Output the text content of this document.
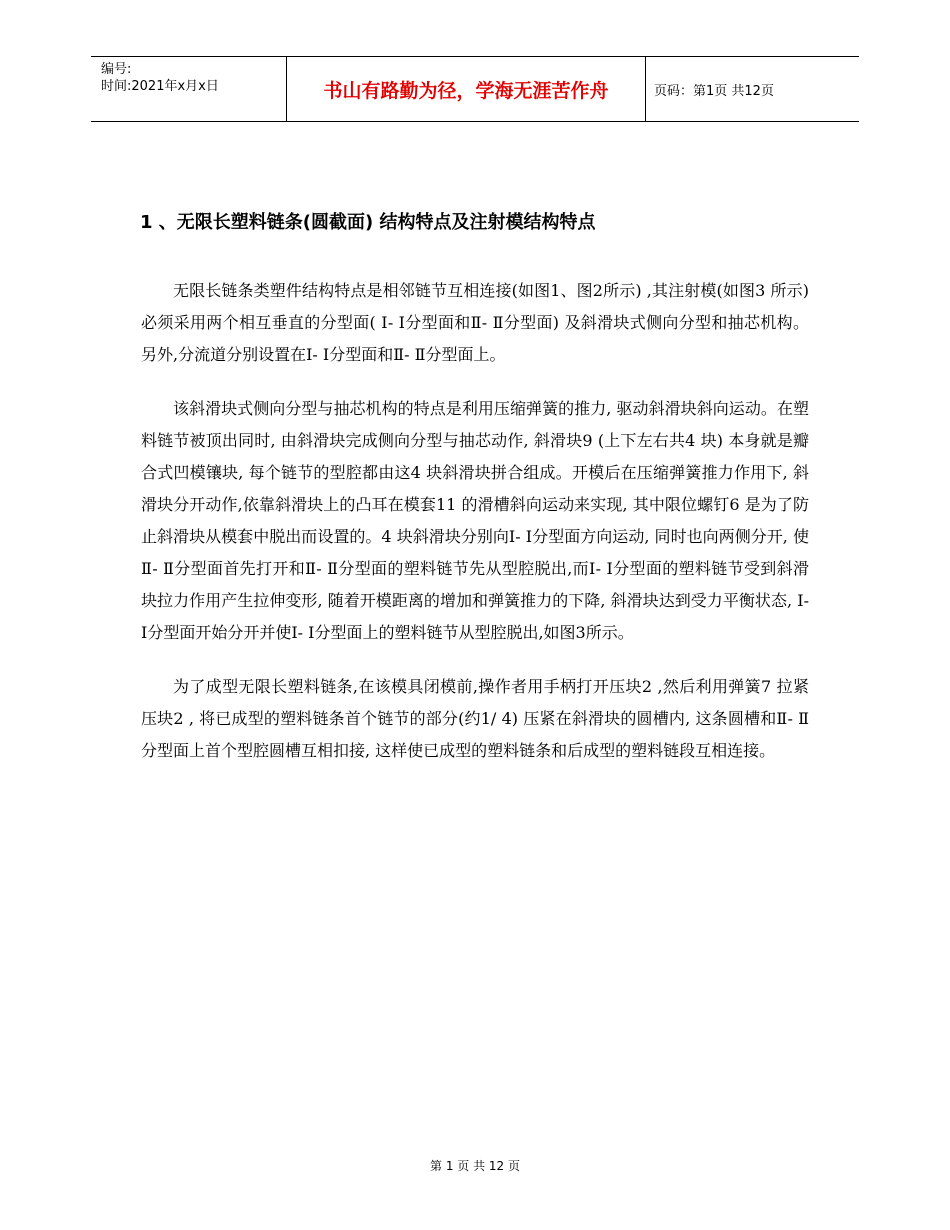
编号:
时间:2021年x月x日	书山有路勤为径，学海无涯苦作舟	页码：第1页 共12页
1 、无限长塑料链条(圆截面) 结构特点及注射模结构特点

无限长链条类塑件结构特点是相邻链节互相连接(如图1、图2所示) ,其注射模(如图3 所示) 必须采用两个相互垂直的分型面( Ⅰ- Ⅰ分型面和Ⅱ- Ⅱ分型面) 及斜滑块式侧向分型和抽芯机构。另外,分流道分别设置在Ⅰ- Ⅰ分型面和Ⅱ- Ⅱ分型面上。

该斜滑块式侧向分型与抽芯机构的特点是利用压缩弹簧的推力, 驱动斜滑块斜向运动。在塑料链节被顶出同时, 由斜滑块完成侧向分型与抽芯动作, 斜滑块9 (上下左右共4 块) 本身就是瓣合式凹模镶块, 每个链节的型腔都由这4 块斜滑块拼合组成。开模后在压缩弹簧推力作用下, 斜滑块分开动作,依靠斜滑块上的凸耳在模套11 的滑槽斜向运动来实现, 其中限位螺钉6 是为了防止斜滑块从模套中脱出而设置的。4 块斜滑块分别向Ⅰ- Ⅰ分型面方向运动, 同时也向两侧分开, 使Ⅱ- Ⅱ分型面首先打开和Ⅱ- Ⅱ分型面的塑料链节先从型腔脱出,而Ⅰ- Ⅰ分型面的塑料链节受到斜滑块拉力作用产生拉伸变形, 随着开模距离的增加和弹簧推力的下降, 斜滑块达到受力平衡状态, Ⅰ- Ⅰ分型面开始分开并使Ⅰ- Ⅰ分型面上的塑料链节从型腔脱出,如图3所示。

为了成型无限长塑料链条,在该模具闭模前,操作者用手柄打开压块2 ,然后利用弹簧7 拉紧压块2 , 将已成型的塑料链条首个链节的部分(约1/ 4) 压紧在斜滑块的圆槽内, 这条圆槽和Ⅱ- Ⅱ分型面上首个型腔圆槽互相扣接, 这样使已成型的塑料链条和后成型的塑料链段互相连接。

第 1 页 共 12 页
